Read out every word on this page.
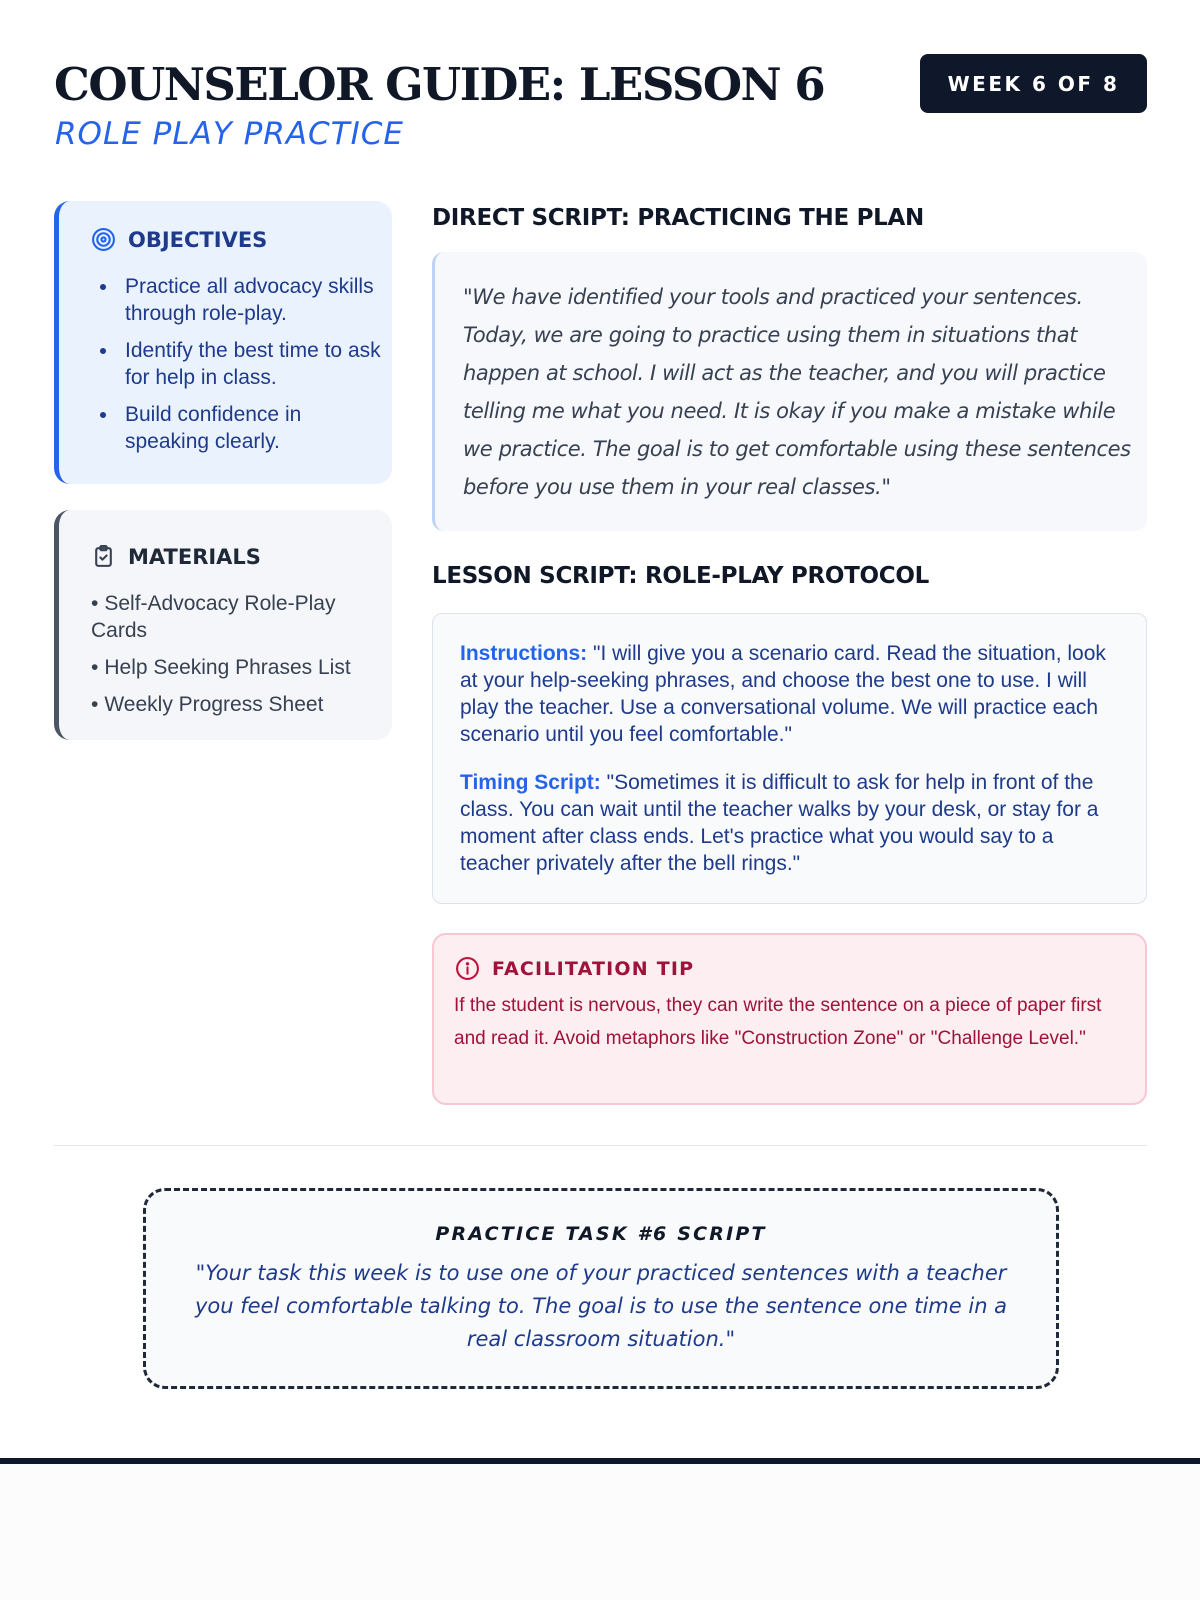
COUNSELOR GUIDE: LESSON 6
ROLE PLAY PRACTICE
WEEK 6 OF 8
OBJECTIVES
Practice all advocacy skills through role-play.
Identify the best time to ask for help in class.
Build confidence in speaking clearly.
MATERIALS
• Self-Advocacy Role-Play Cards
• Help Seeking Phrases List
• Weekly Progress Sheet
DIRECT SCRIPT: PRACTICING THE PLAN
"We have identified your tools and practiced your sentences. Today, we are going to practice using them in situations that happen at school. I will act as the teacher, and you will practice telling me what you need. It is okay if you make a mistake while we practice. The goal is to get comfortable using these sentences before you use them in your real classes."
LESSON SCRIPT: ROLE-PLAY PROTOCOL

Instructions: "I will give you a scenario card. Read the situation, look at your help-seeking phrases, and choose the best one to use. I will play the teacher. Use a conversational volume. We will practice each scenario until you feel comfortable."

Timing Script: "Sometimes it is difficult to ask for help in front of the class. You can wait until the teacher walks by your desk, or stay for a moment after class ends. Let's practice what you would say to a teacher privately after the bell rings."

FACILITATION TIP
If the student is nervous, they can write the sentence on a piece of paper first and read it. Avoid metaphors like "Construction Zone" or "Challenge Level."
PRACTICE TASK #6 SCRIPT
"Your task this week is to use one of your practiced sentences with a teacher you feel comfortable talking to. The goal is to use the sentence one time in a real classroom situation."
